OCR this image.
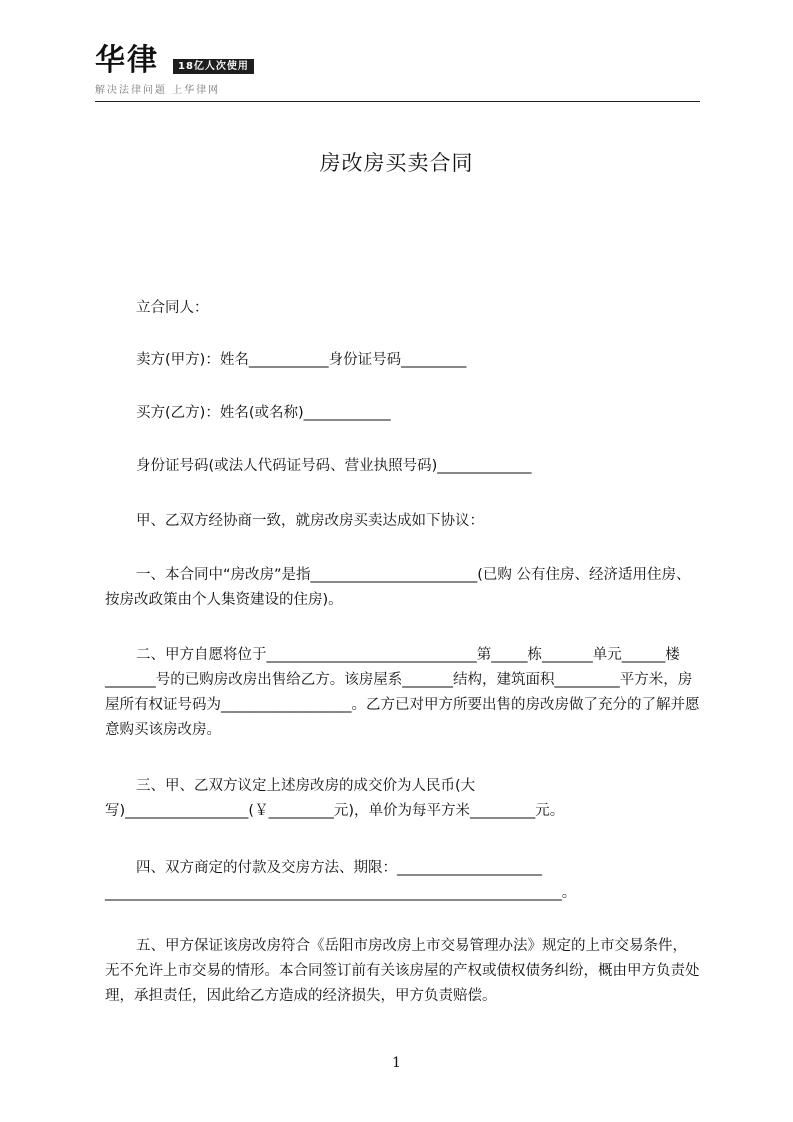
华律	18亿人次使用
解决法律问题 上华律网
房改房买卖合同

立合同人：

卖方(甲方)：姓名___________身份证号码_________

买方(乙方)：姓名(或名称)____________

身份证号码(或法人代码证号码、营业执照号码)_____________

甲、乙双方经协商一致，就房改房买卖达成如下协议：

一、本合同中“房改房”是指_______________________(已购 公有住房、经济适用住房、按房改政策由个人集资建设的住房)。

二、甲方自愿将位于_____________________________第_____栋_______单元______楼_______号的已购房改房出售给乙方。该房屋系_______结构，建筑面积_________平方米，房屋所有权证号码为__________________。乙方已对甲方所要出售的房改房做了充分的了解并愿意购买该房改房。

三、甲、乙双方议定上述房改房的成交价为人民币(大写)_________________(￥_________元)，单价为每平方米_________元。

四、双方商定的付款及交房方法、期限：____________________ _______________________________________________________________。

五、甲方保证该房改房符合《岳阳市房改房上市交易管理办法》规定的上市交易条件，无不允许上市交易的情形。本合同签订前有关该房屋的产权或债权债务纠纷，概由甲方负责处理，承担责任，因此给乙方造成的经济损失，甲方负责赔偿。

1
